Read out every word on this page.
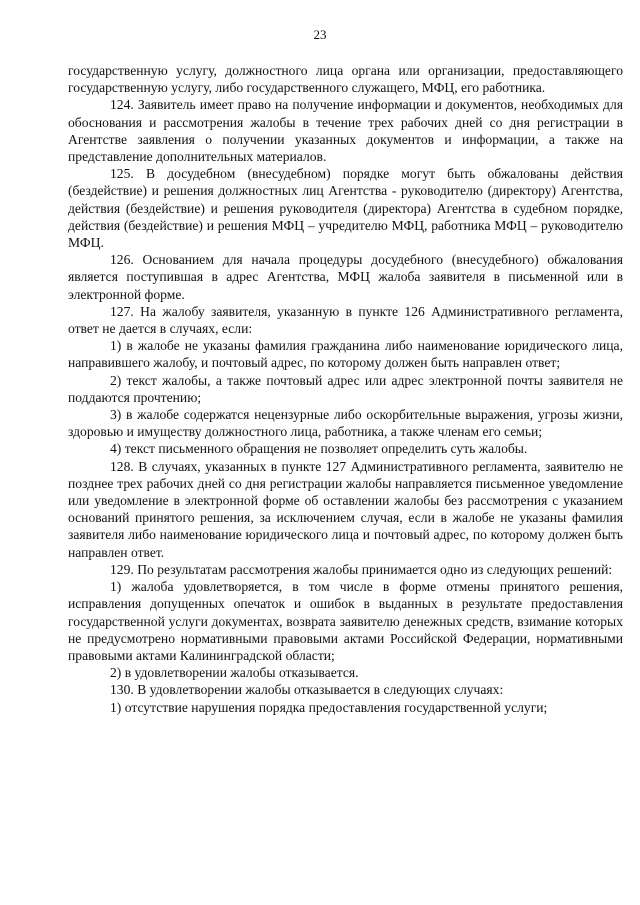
23

государственную услугу, должностного лица органа или организации, предоставляющего государственную услугу, либо государственного служащего, МФЦ, его работника.

124. Заявитель имеет право на получение информации и документов, необходимых для обоснования и рассмотрения жалобы в течение трех рабочих дней со дня регистрации в Агентстве заявления о получении указанных документов и информации, а также на представление дополнительных материалов.

125. В досудебном (внесудебном) порядке могут быть обжалованы действия (бездействие) и решения должностных лиц Агентства - руководителю (директору) Агентства, действия (бездействие) и решения руководителя (директора) Агентства в судебном порядке, действия (бездействие) и решения МФЦ – учредителю МФЦ, работника МФЦ – руководителю МФЦ.

126. Основанием для начала процедуры досудебного (внесудебного) обжалования является поступившая в адрес Агентства, МФЦ жалоба заявителя в письменной или в электронной форме.

127. На жалобу заявителя, указанную в пункте 126 Административного регламента, ответ не дается в случаях, если:

1) в жалобе не указаны фамилия гражданина либо наименование юридического лица, направившего жалобу, и почтовый адрес, по которому должен быть направлен ответ;

2) текст жалобы, а также почтовый адрес или адрес электронной почты заявителя не поддаются прочтению;

3) в жалобе содержатся нецензурные либо оскорбительные выражения, угрозы жизни, здоровью и имуществу должностного лица, работника, а также членам его семьи;

4) текст письменного обращения не позволяет определить суть жалобы.

128. В случаях, указанных в пункте 127 Административного регламента, заявителю не позднее трех рабочих дней со дня регистрации жалобы направляется письменное уведомление или уведомление в электронной форме об оставлении жалобы без рассмотрения с указанием оснований принятого решения, за исключением случая, если в жалобе не указаны фамилия заявителя либо наименование юридического лица и почтовый адрес, по которому должен быть направлен ответ.

129. По результатам рассмотрения жалобы принимается одно из следующих решений:

1) жалоба удовлетворяется, в том числе в форме отмены принятого решения, исправления допущенных опечаток и ошибок в выданных в результате предоставления государственной услуги документах, возврата заявителю денежных средств, взимание которых не предусмотрено нормативными правовыми актами Российской Федерации, нормативными правовыми актами Калининградской области;

2) в удовлетворении жалобы отказывается.

130. В удовлетворении жалобы отказывается в следующих случаях:

1) отсутствие нарушения порядка предоставления государственной услуги;
